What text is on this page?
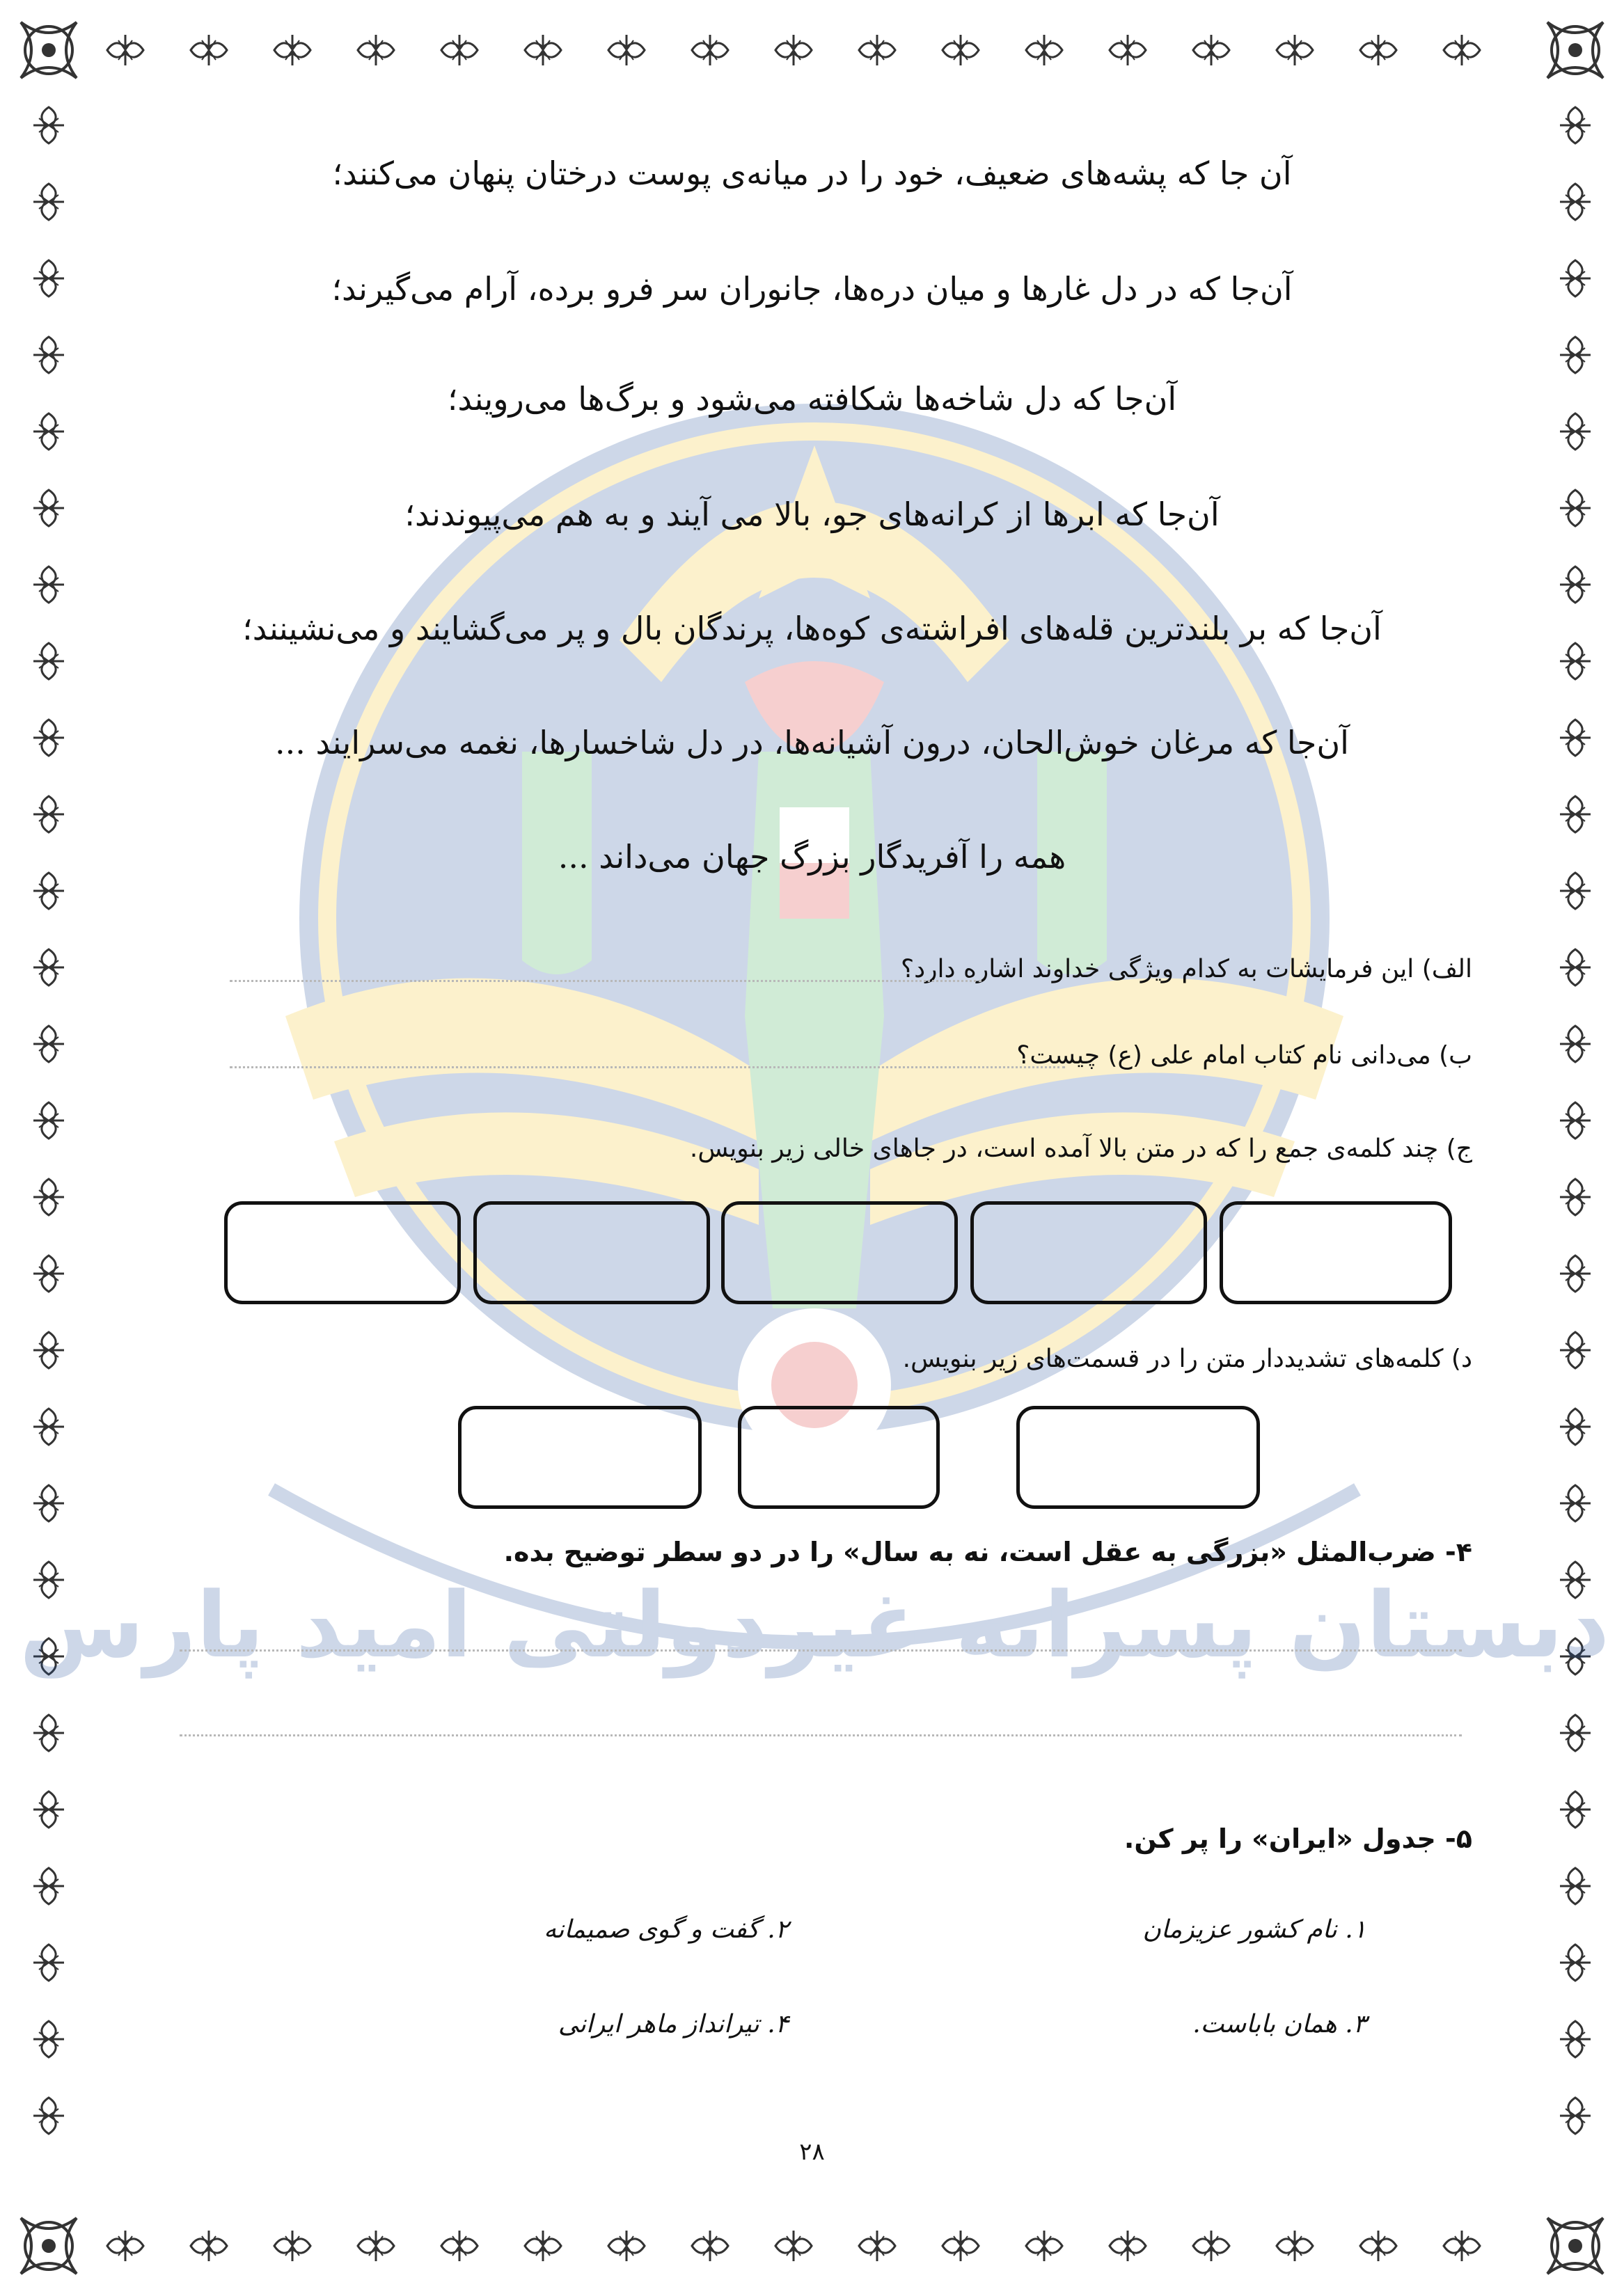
دبستان پسرانه غیردولتی امید پارس
آن جا که پشه‌های ضعیف، خود را در میانه‌ی پوست درختان پنهان می‌کنند؛
آن‌جا که در دل غارها و میان دره‌ها، جانوران سر فرو برده، آرام می‌گیرند؛
آن‌جا که دل شاخه‌ها شکافته می‌شود و برگ‌ها می‌رویند؛
آن‌جا که ابرها از کرانه‌های جو، بالا می آیند و به هم می‌پیوندند؛
آن‌جا که بر بلندترین قله‌های افراشته‌ی کوه‌ها، پرندگان بال و پر می‌گشایند و می‌نشینند؛
آن‌جا که مرغان خوش‌الحان، درون آشیانه‌ها، در دل شاخسارها، نغمه می‌سرایند ...
همه را آفریدگار بزرگ جهان می‌داند ...
الف) این فرمایشات به کدام ویژگی خداوند اشاره دارد؟
ب) می‌دانی نام کتاب امام علی (ع) چیست؟
ج) چند کلمه‌ی جمع را که در متن بالا آمده است، در جاهای خالی زیر بنویس.
د) کلمه‌های تشدیددار متن را در قسمت‌های زیر بنویس.
۴- ضرب‌المثل «بزرگی به عقل است، نه به سال» را در دو سطر توضیح بده.
۵- جدول «ایران» را پر کن.
۱. نام کشور عزیزمان
۲. گفت و گوی صمیمانه
۳. همان باباست.
۴. تیرانداز ماهر ایرانی
۲۸
